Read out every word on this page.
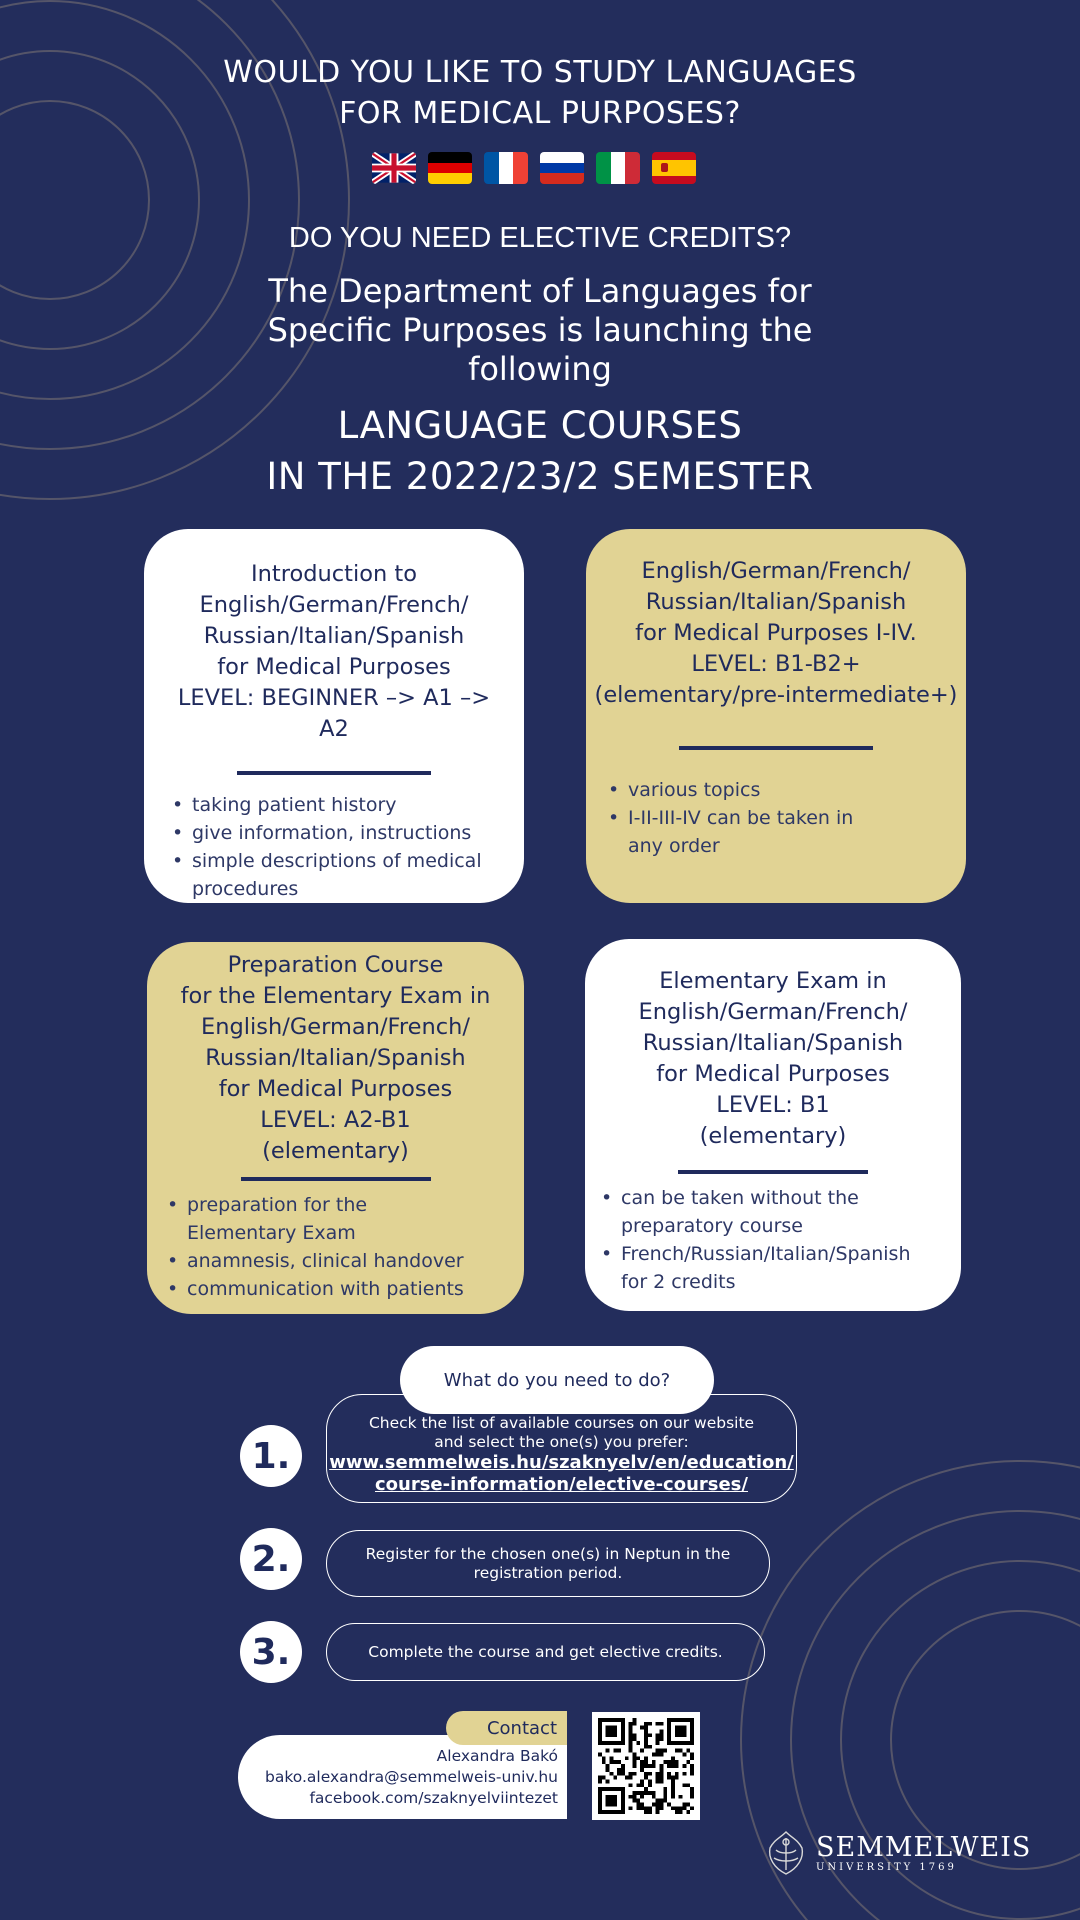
WOULD YOU LIKE TO STUDY LANGUAGES
FOR MEDICAL PURPOSES?
DO YOU NEED ELECTIVE CREDITS?
The Department of Languages for
Specific Purposes is launching the
following
LANGUAGE COURSES
IN THE 2022/23/2 SEMESTER
Introduction to
English/German/French/
Russian/Italian/Spanish
for Medical Purposes
LEVEL: BEGINNER –> A1 –> A2
• taking patient history
• give information, instructions
• simple descriptions of medical procedures
English/German/French/
Russian/Italian/Spanish
for Medical Purposes I-IV.
LEVEL: B1-B2+
(elementary/pre-intermediate+)
• various topics
• I-II-III-IV can be taken in any order
Preparation Course
for the Elementary Exam in
English/German/French/
Russian/Italian/Spanish
for Medical Purposes
LEVEL: A2-B1
(elementary)
• preparation for the Elementary Exam
• anamnesis, clinical handover
• communication with patients
Elementary Exam in
English/German/French/
Russian/Italian/Spanish
for Medical Purposes
LEVEL: B1
(elementary)
• can be taken without the preparatory course
• French/Russian/Italian/Spanish for 2 credits
What do you need to do?
1.
Check the list of available courses on our website and select the one(s) you prefer:
www.semmelweis.hu/szaknyelv/en/education/
course-information/elective-courses/
2.	Register for the chosen one(s) in Neptun in the registration period.
3.	Complete the course and get elective credits.
Alexandra Bakó
bako.alexandra@semmelweis-univ.hu
facebook.com/szaknyelviintezet
Contact
SEMMELWEIS
UNIVERSITY 1769
